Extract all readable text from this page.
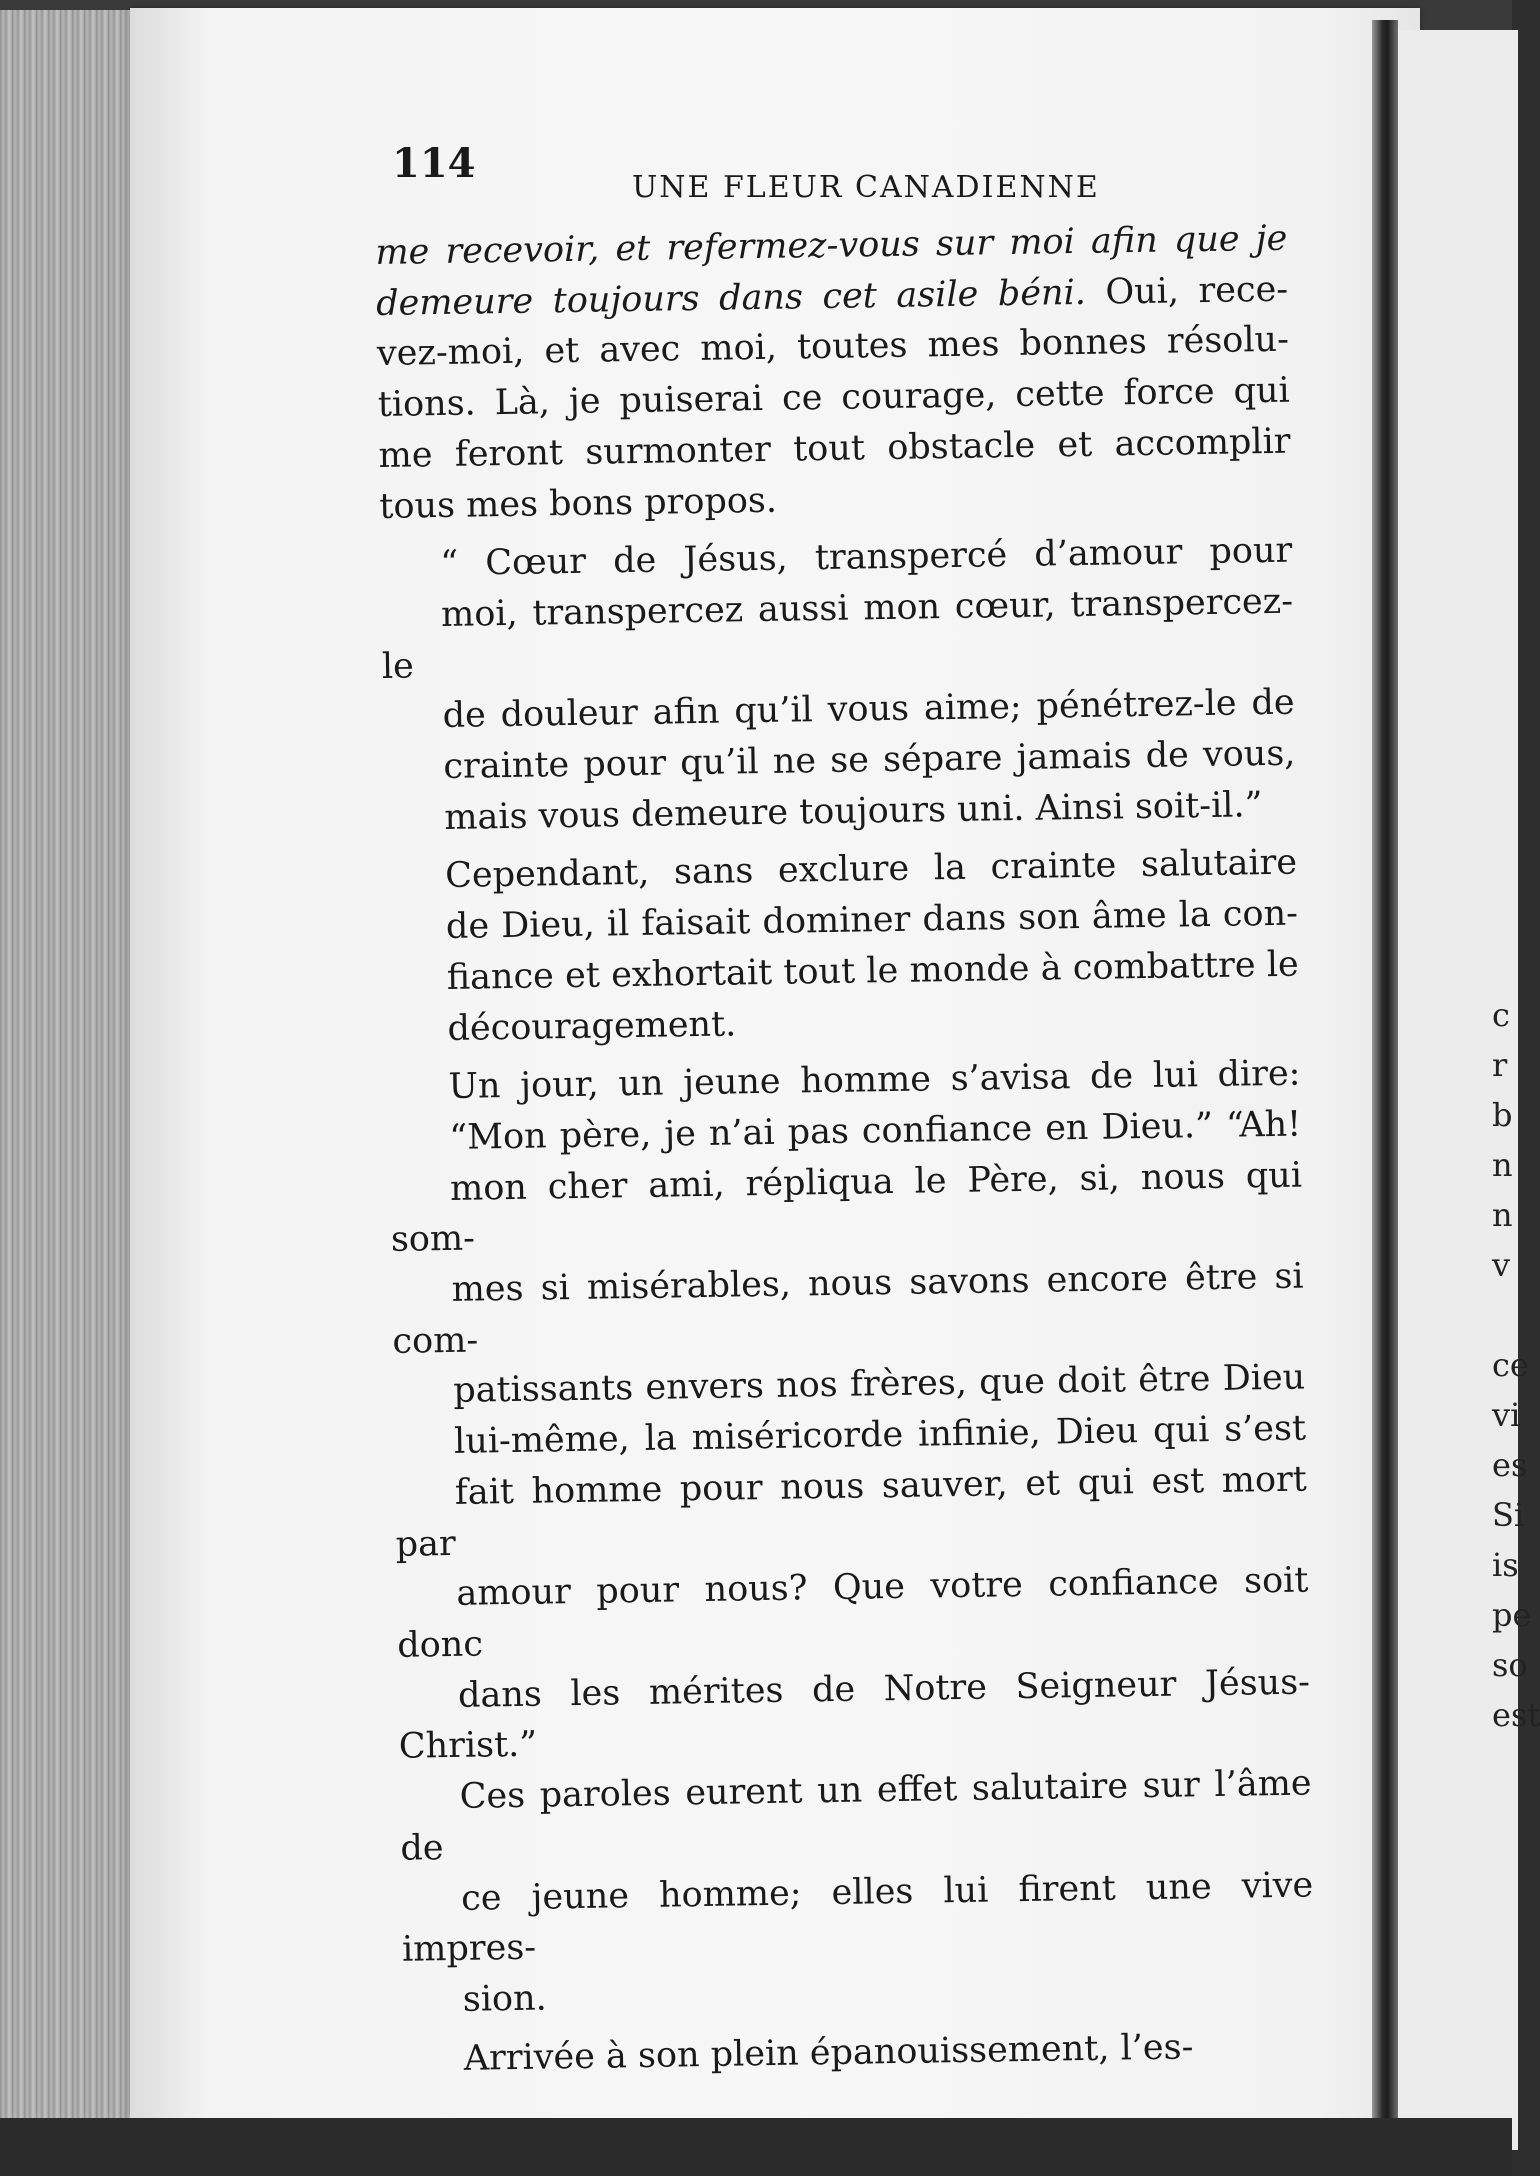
114
UNE FLEUR CANADIENNE

me recevoir, et refermez-vous sur moi afin que je
demeure toujours dans cet asile béni. Oui, rece-
vez-moi, et avec moi, toutes mes bonnes résolu-
tions. Là, je puiserai ce courage, cette force qui
me feront surmonter tout obstacle et accomplir
tous mes bons propos.

“ Cœur de Jésus, transpercé d’amour pour
moi, transpercez aussi mon cœur, transpercez-le
de douleur afin qu’il vous aime; pénétrez-le de
crainte pour qu’il ne se sépare jamais de vous,
mais vous demeure toujours uni. Ainsi soit-il.”

Cependant, sans exclure la crainte salutaire
de Dieu, il faisait dominer dans son âme la con-
fiance et exhortait tout le monde à combattre le
découragement.

Un jour, un jeune homme s’avisa de lui dire:
“Mon père, je n’ai pas confiance en Dieu.” “Ah!
mon cher ami, répliqua le Père, si, nous qui som-
mes si misérables, nous savons encore être si com-
patissants envers nos frères, que doit être Dieu
lui-même, la miséricorde infinie, Dieu qui s’est
fait homme pour nous sauver, et qui est mort par
amour pour nous? Que votre confiance soit donc
dans les mérites de Notre Seigneur Jésus-Christ.”
Ces paroles eurent un effet salutaire sur l’âme de
ce jeune homme; elles lui firent une vive impres-
sion.

Arrivée à son plein épanouissement, l’es-

c
r
b
n
n
v
ce
vi
es
Si
is
pe
so
est
